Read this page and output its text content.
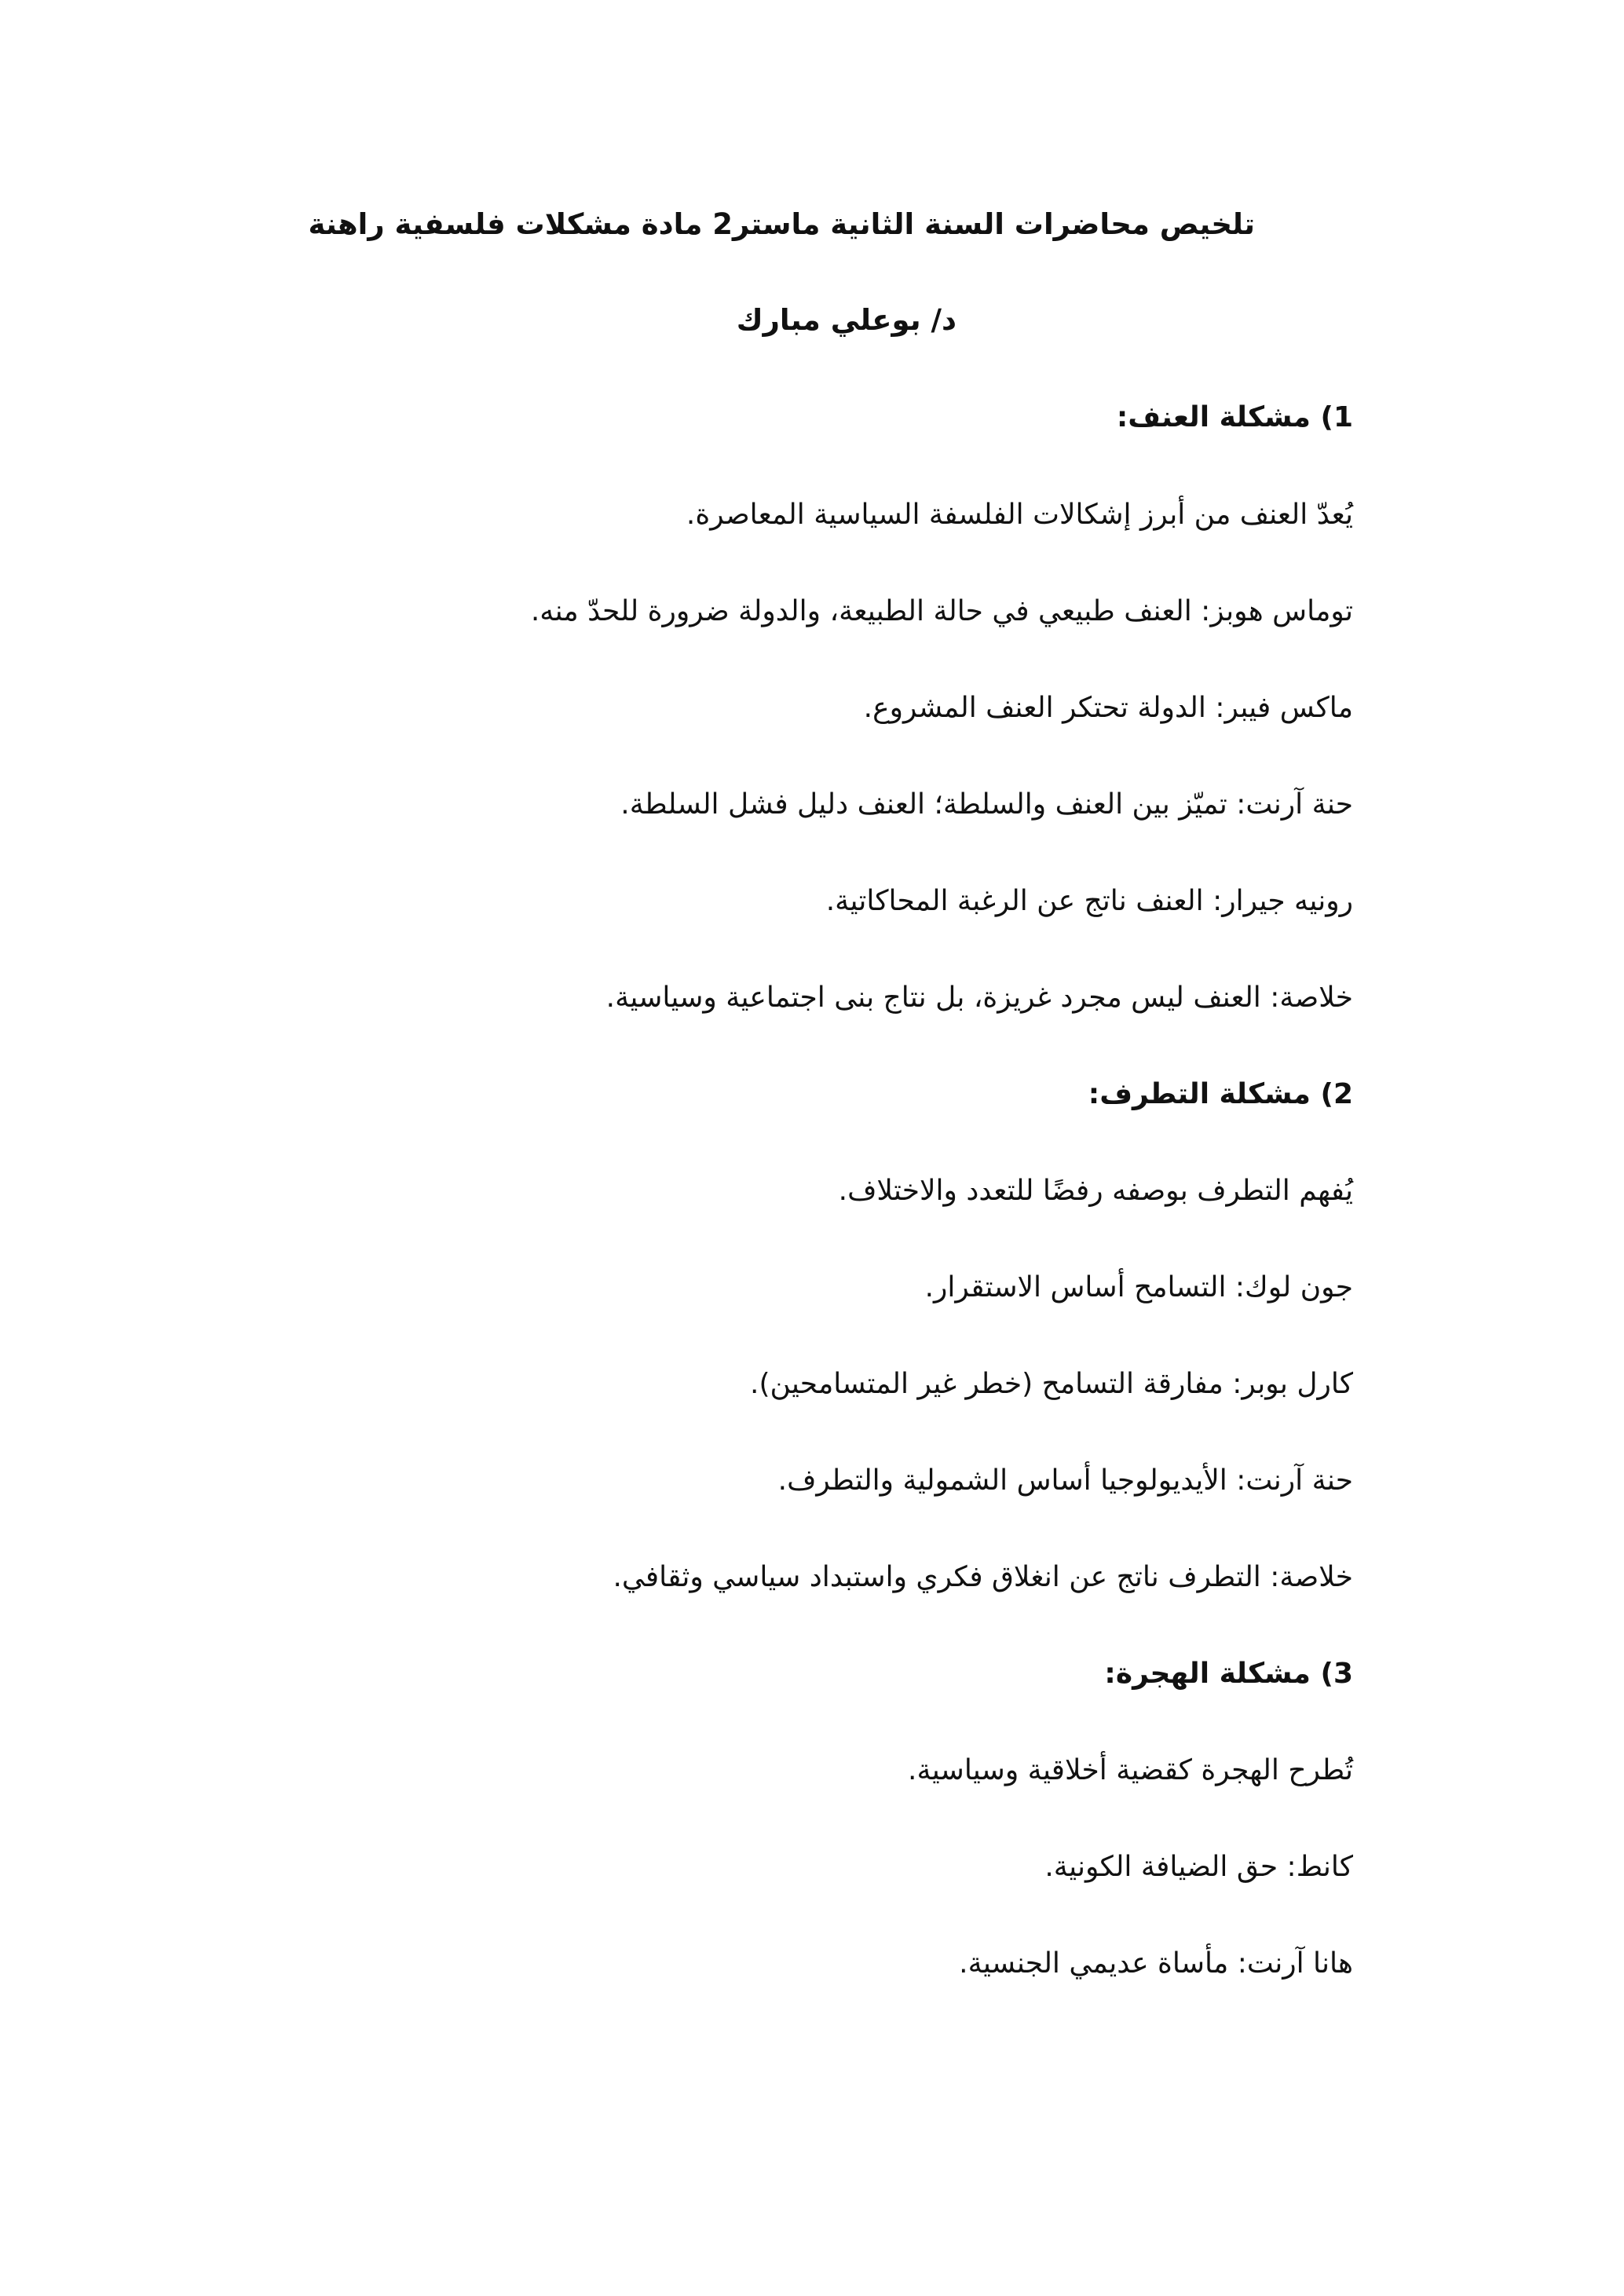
تلخيص محاضرات السنة الثانية ماستر2 مادة مشكلات فلسفية راهنة
د/ بوعلي مبارك
1) مشكلة العنف:
يُعدّ العنف من أبرز إشكالات الفلسفة السياسية المعاصرة.
توماس هوبز: العنف طبيعي في حالة الطبيعة، والدولة ضرورة للحدّ منه.
ماكس فيبر: الدولة تحتكر العنف المشروع.
حنة آرنت: تميّز بين العنف والسلطة؛ العنف دليل فشل السلطة.
رونيه جيرار: العنف ناتج عن الرغبة المحاكاتية.
خلاصة: العنف ليس مجرد غريزة، بل نتاج بنى اجتماعية وسياسية.
2) مشكلة التطرف:
يُفهم التطرف بوصفه رفضًا للتعدد والاختلاف.
جون لوك: التسامح أساس الاستقرار.
كارل بوبر: مفارقة التسامح (خطر غير المتسامحين).
حنة آرنت: الأيديولوجيا أساس الشمولية والتطرف.
خلاصة: التطرف ناتج عن انغلاق فكري واستبداد سياسي وثقافي.
3) مشكلة الهجرة:
تُطرح الهجرة كقضية أخلاقية وسياسية.
كانط: حق الضيافة الكونية.
هانا آرنت: مأساة عديمي الجنسية.
